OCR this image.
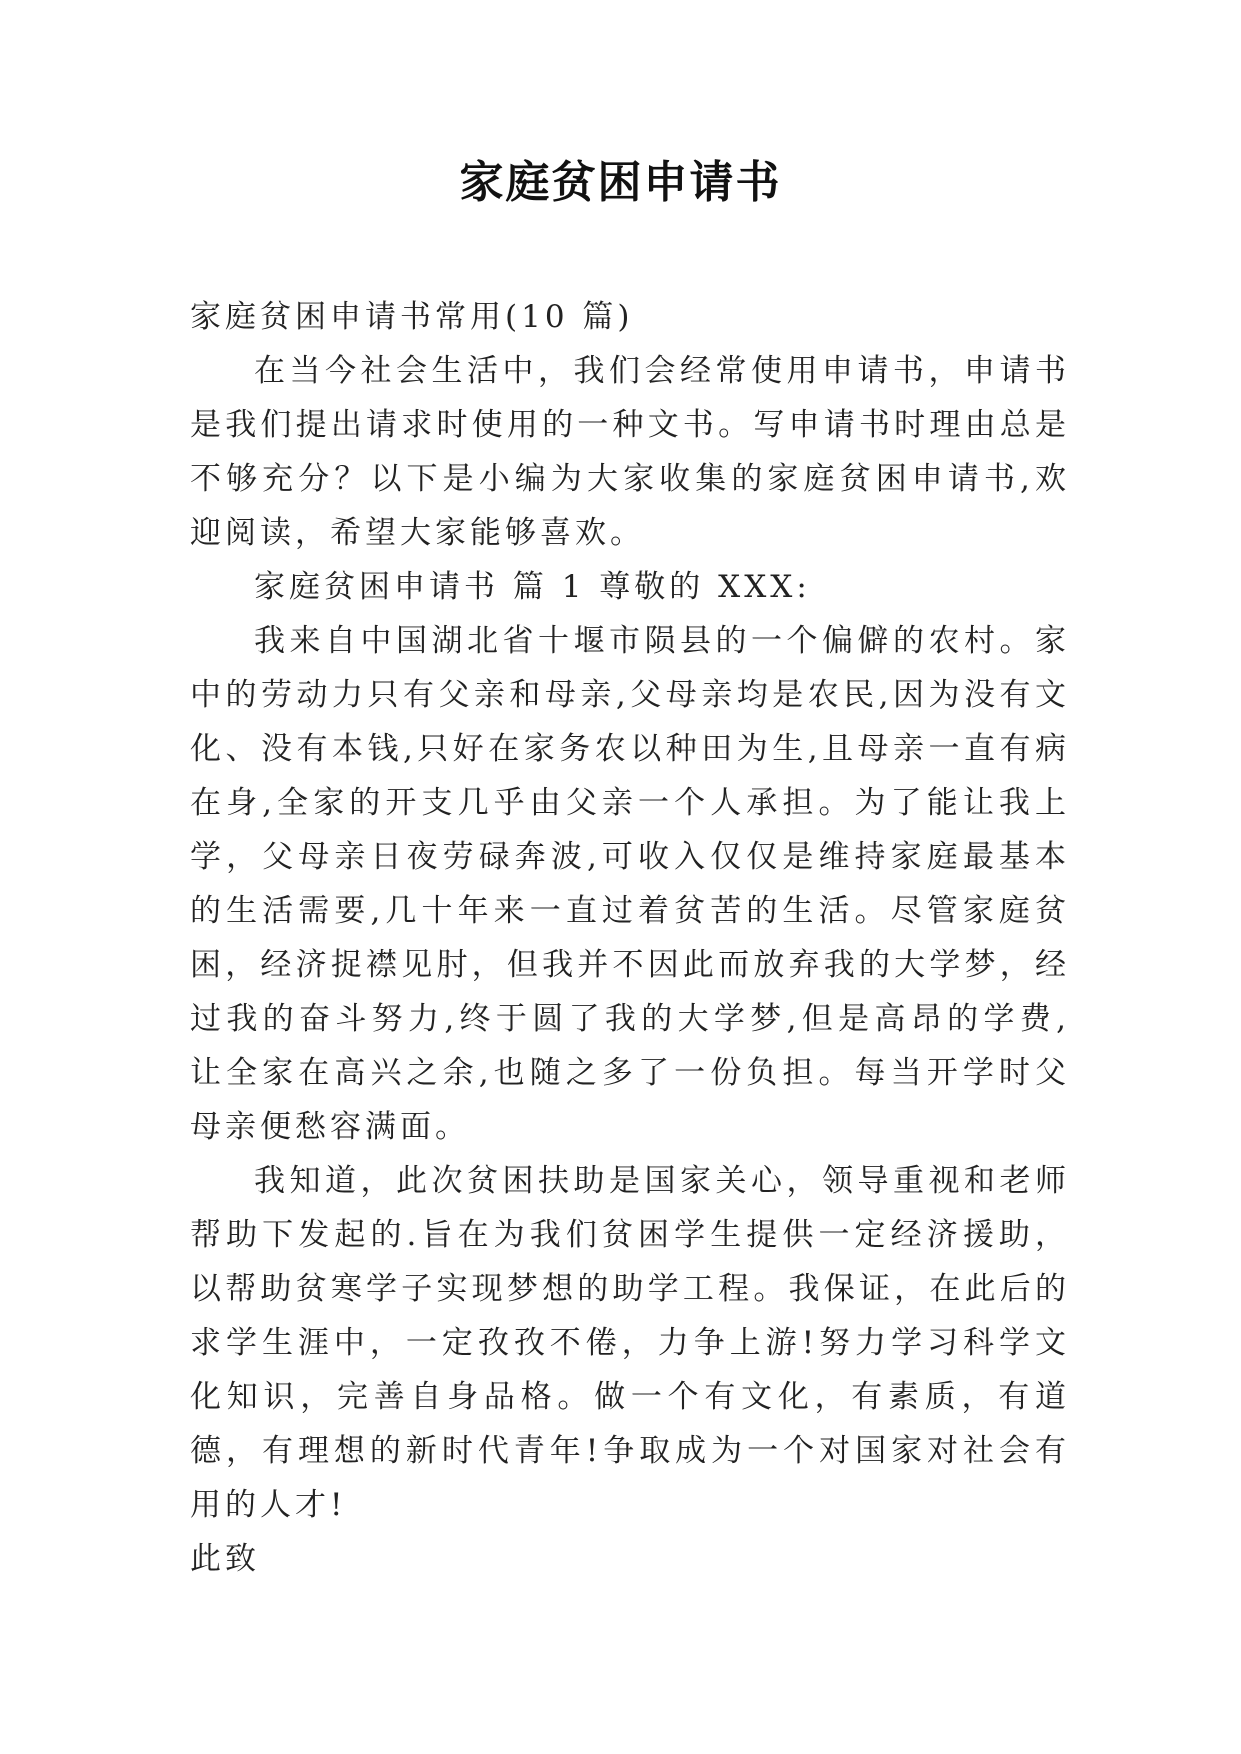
家庭贫困申请书

家庭贫困申请书常用(10 篇)

在当今社会生活中，我们会经常使用申请书，申请书是我们提出请求时使用的一种文书。写申请书时理由总是不够充分？以下是小编为大家收集的家庭贫困申请书,欢迎阅读，希望大家能够喜欢。

家庭贫困申请书 篇 1 尊敬的 XXX:

我来自中国湖北省十堰市陨县的一个偏僻的农村。家中的劳动力只有父亲和母亲,父母亲均是农民,因为没有文化、没有本钱,只好在家务农以种田为生,且母亲一直有病在身,全家的开支几乎由父亲一个人承担。为了能让我上学，父母亲日夜劳碌奔波,可收入仅仅是维持家庭最基本的生活需要,几十年来一直过着贫苦的生活。尽管家庭贫困，经济捉襟见肘，但我并不因此而放弃我的大学梦，经过我的奋斗努力,终于圆了我的大学梦,但是高昂的学费,让全家在高兴之余,也随之多了一份负担。每当开学时父母亲便愁容满面。

我知道，此次贫困扶助是国家关心，领导重视和老师帮助下发起的.旨在为我们贫困学生提供一定经济援助，以帮助贫寒学子实现梦想的助学工程。我保证，在此后的求学生涯中，一定孜孜不倦，力争上游!努力学习科学文化知识，完善自身品格。做一个有文化，有素质，有道德，有理想的新时代青年!争取成为一个对国家对社会有用的人才!

此致
